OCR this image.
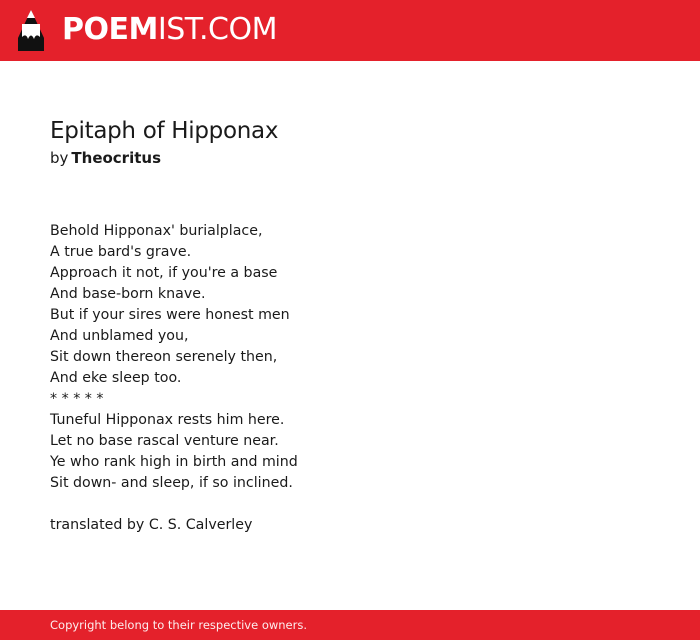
POEMIST.COM
Epitaph of Hipponax
by Theocritus
Behold Hipponax' burialplace,
A true bard's grave.
Approach it not, if you're a base
And base-born knave.
But if your sires were honest men
And unblamed you,
Sit down thereon serenely then,
And eke sleep too.
* * * * *
Tuneful Hipponax rests him here.
Let no base rascal venture near.
Ye who rank high in birth and mind
Sit down- and sleep, if so inclined.
translated by C. S. Calverley
Copyright belong to their respective owners.
